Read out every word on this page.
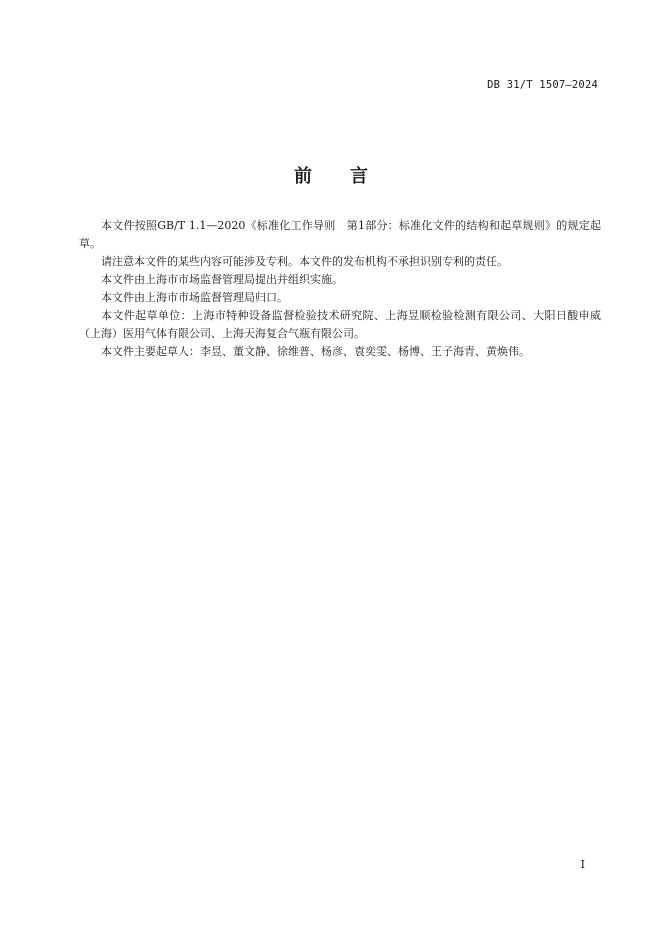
DB 31/T 1507—2024
前 言

本文件按照GB/T 1.1—2020《标准化工作导则　第1部分：标准化文件的结构和起草规则》的规定起草。

请注意本文件的某些内容可能涉及专利。本文件的发布机构不承担识别专利的责任。

本文件由上海市市场监督管理局提出并组织实施。

本文件由上海市市场监督管理局归口。

本文件起草单位：上海市特种设备监督检验技术研究院、上海昱顺检验检测有限公司、大阳日酸申威（上海）医用气体有限公司、上海天海复合气瓶有限公司。

本文件主要起草人：李昱、董文静、徐维普、杨彦、袁奕雯、杨博、王子海青、黄焕伟。

I
